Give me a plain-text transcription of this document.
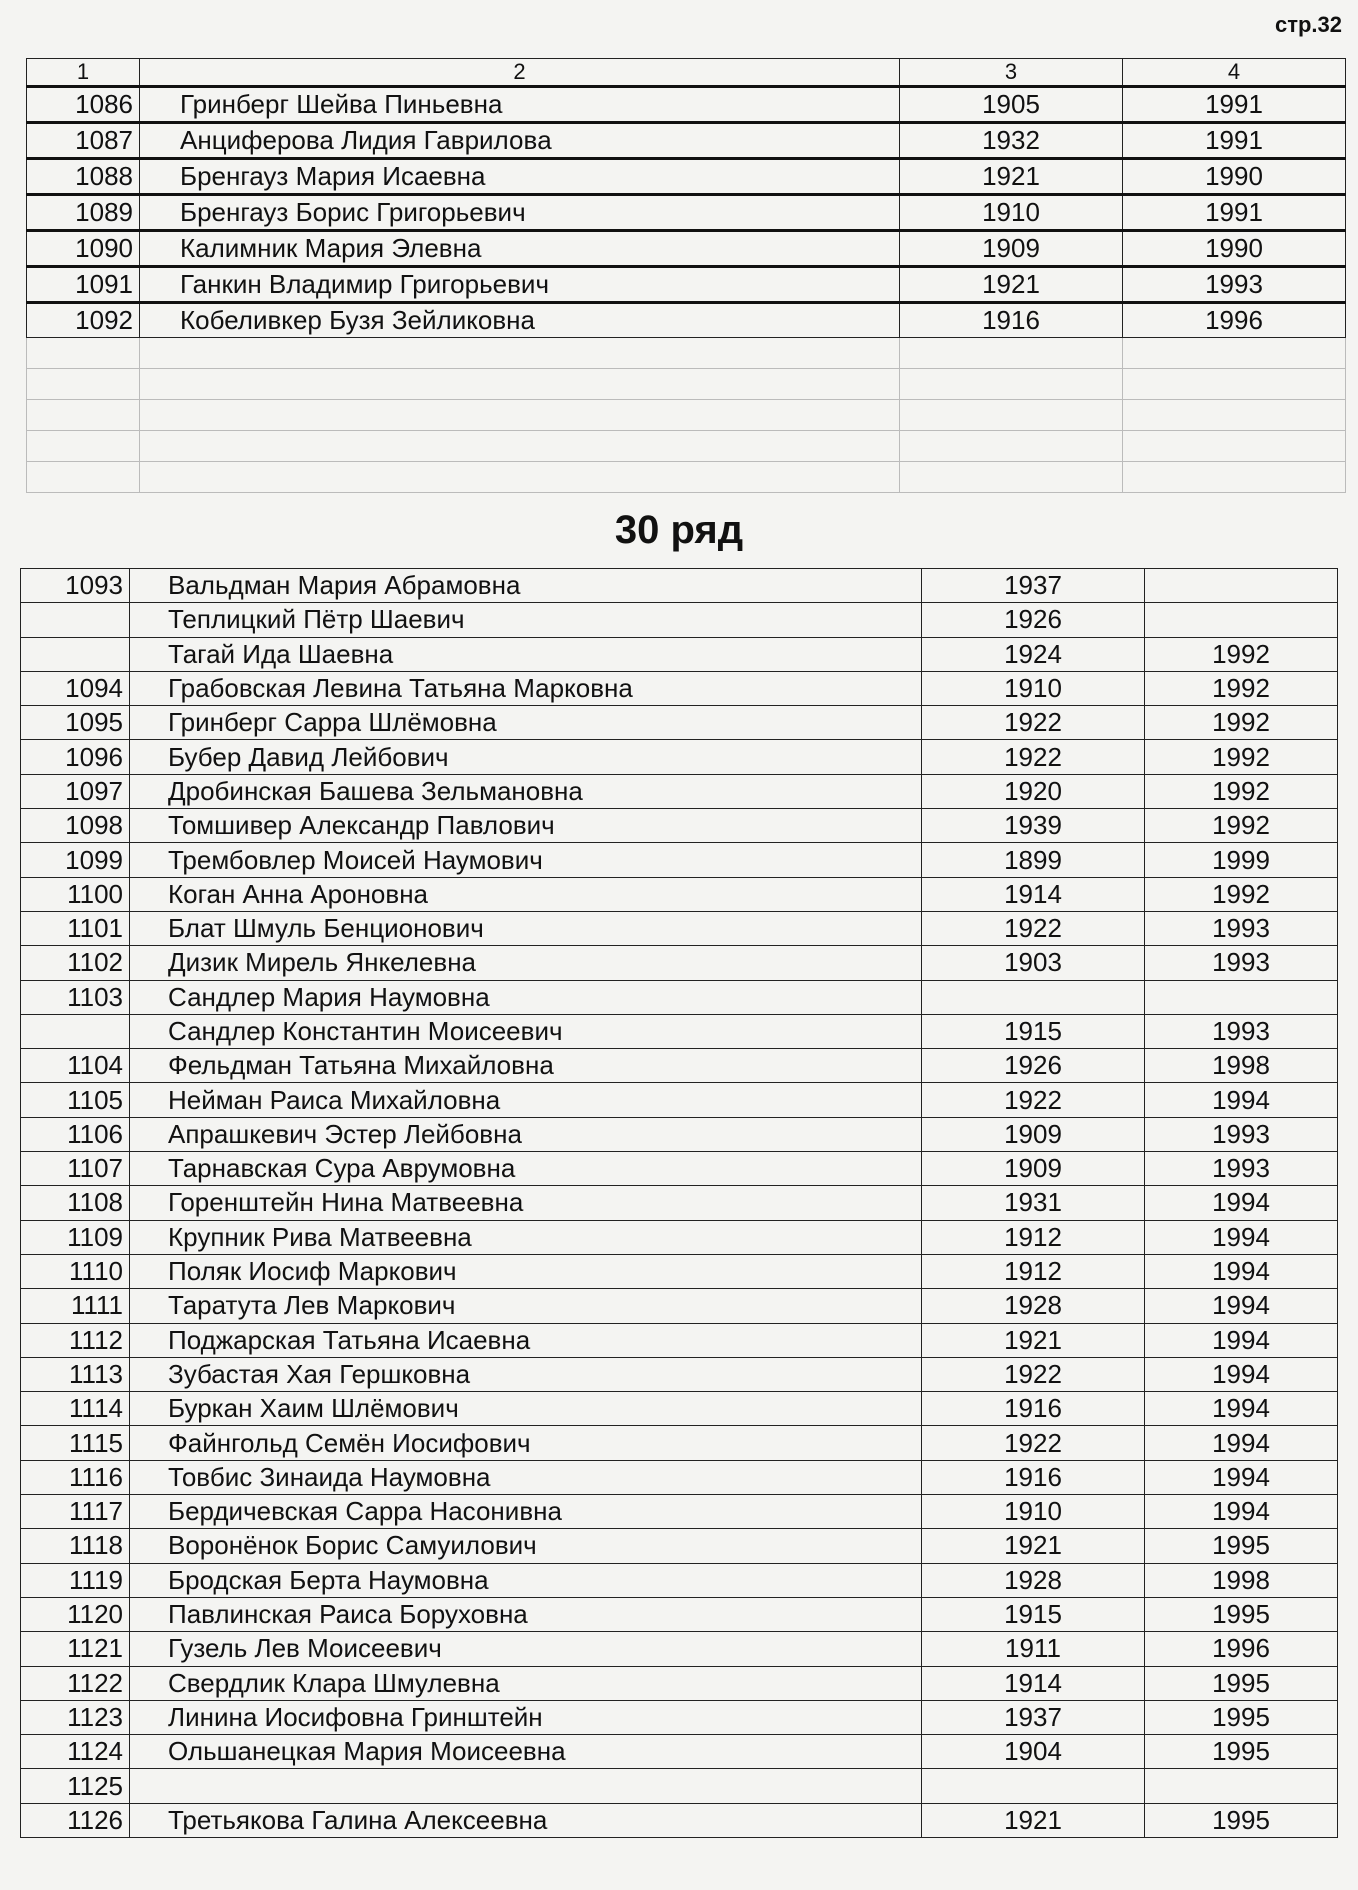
стр.32
1	2	3	4
1086	Гринберг Шейва Пиньевна	1905	1991
1087	Анциферова Лидия Гавриловa	1932	1991
1088	Бренгауз Мария Исаевна	1921	1990
1089	Бренгауз Борис Григорьевич	1910	1991
1090	Калимник Мария Элевна	1909	1990
1091	Ганкин Владимир Григорьевич	1921	1993
1092	Кобеливкер Бузя Зейликовна	1916	1996

30 ряд
1093	Вальдман Мария Абрамовна	1937	
	Теплицкий Пётр Шаевич	1926	
	Тагай Ида Шаевна	1924	1992
1094	Грабовская Левина Татьяна Марковна	1910	1992
1095	Гринберг Сарра Шлёмовна	1922	1992
1096	Бубер Давид Лейбович	1922	1992
1097	Дробинская Башева Зельмановна	1920	1992
1098	Томшивер Александр Павлович	1939	1992
1099	Трембовлер Моисей Наумович	1899	1999
1100	Коган Анна Ароновна	1914	1992
1101	Блат Шмуль Бенционович	1922	1993
1102	Дизик Мирель Янкелевна	1903	1993
1103	Сандлер Мария Наумовна		
	Сандлер Константин Моисеевич	1915	1993
1104	Фельдман Татьяна Михайловна	1926	1998
1105	Нейман Раиса Михайловна	1922	1994
1106	Апрашкевич Эстер Лейбовна	1909	1993
1107	Тарнавская Сура Аврумовна	1909	1993
1108	Горенштейн Нина Матвеевна	1931	1994
1109	Крупник Рива Матвеевна	1912	1994
1110	Поляк Иосиф Маркович	1912	1994
1111	Таратута Лев Маркович	1928	1994
1112	Поджарская Татьяна Исаевна	1921	1994
1113	Зубастая Хая Гершковна	1922	1994
1114	Буркан Хаим Шлёмович	1916	1994
1115	Файнгольд Семён Иосифович	1922	1994
1116	Товбис Зинаида Наумовна	1916	1994
1117	Бердичевская Сарра Насонивна	1910	1994
1118	Воронёнок Борис Самуилович	1921	1995
1119	Бродская Берта Наумовна	1928	1998
1120	Павлинская Раиса Боруховна	1915	1995
1121	Гузель Лев Моисеевич	1911	1996
1122	Свердлик Клара Шмулевна	1914	1995
1123	Линина Иосифовна Гринштейн	1937	1995
1124	Ольшанецкая Мария Моисеевна	1904	1995
1125			
1126	Третьякова Галина Алексеевна	1921	1995
